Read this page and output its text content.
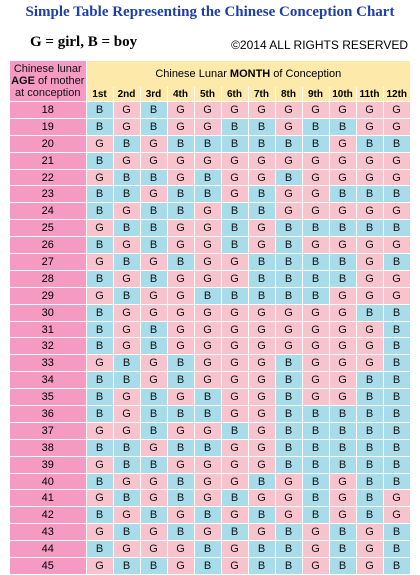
Simple Table Representing the Chinese Conception Chart
G = girl, B = boy	©2014 ALL RIGHTS RESERVED
Chinese lunar
AGE of mother
at conception	Chinese Lunar MONTH of Conception											
	1st	2nd	3rd	4th	5th	6th	7th	8th	9th	10th	11th	12th
18	B	G	B	G	G	G	G	G	G	G	G	G
19	B	G	B	G	G	B	B	G	B	B	G	G
20	G	B	G	B	B	B	B	B	B	G	B	B
21	B	G	G	G	G	G	G	G	G	G	G	G
22	G	B	B	G	B	G	G	B	G	G	G	G
23	B	B	G	B	B	G	B	G	G	B	B	B
24	B	G	B	B	G	B	B	G	G	G	G	G
25	G	B	B	G	G	B	G	B	B	B	B	B
26	B	G	B	G	G	B	G	B	G	G	G	G
27	G	B	G	B	G	G	B	B	B	B	G	B
28	B	G	B	G	G	G	B	B	B	B	G	G
29	G	B	G	G	B	B	B	B	B	G	G	G
30	B	G	G	G	G	G	G	G	G	G	B	B
31	B	G	B	G	G	G	G	G	G	G	G	B
32	B	G	B	G	G	G	G	G	G	G	G	B
33	G	B	G	B	G	G	G	B	G	G	G	B
34	B	B	G	B	G	G	G	B	G	G	B	B
35	B	G	B	G	B	G	G	B	G	G	B	B
36	B	G	B	B	B	G	G	B	B	B	B	B
37	G	G	B	G	G	B	G	B	B	B	B	B
38	B	B	G	B	B	G	G	B	B	B	B	B
39	G	B	B	G	G	G	G	B	B	B	B	B
40	B	G	G	B	G	G	B	G	B	G	B	B
41	G	B	G	B	G	B	G	G	B	G	B	G
42	B	G	B	G	B	G	B	G	B	G	B	G
43	G	B	G	B	G	B	G	B	G	B	G	B
44	B	G	G	G	B	G	B	B	G	B	G	B
45	G	B	B	G	B	G	B	B	G	B	G	B
